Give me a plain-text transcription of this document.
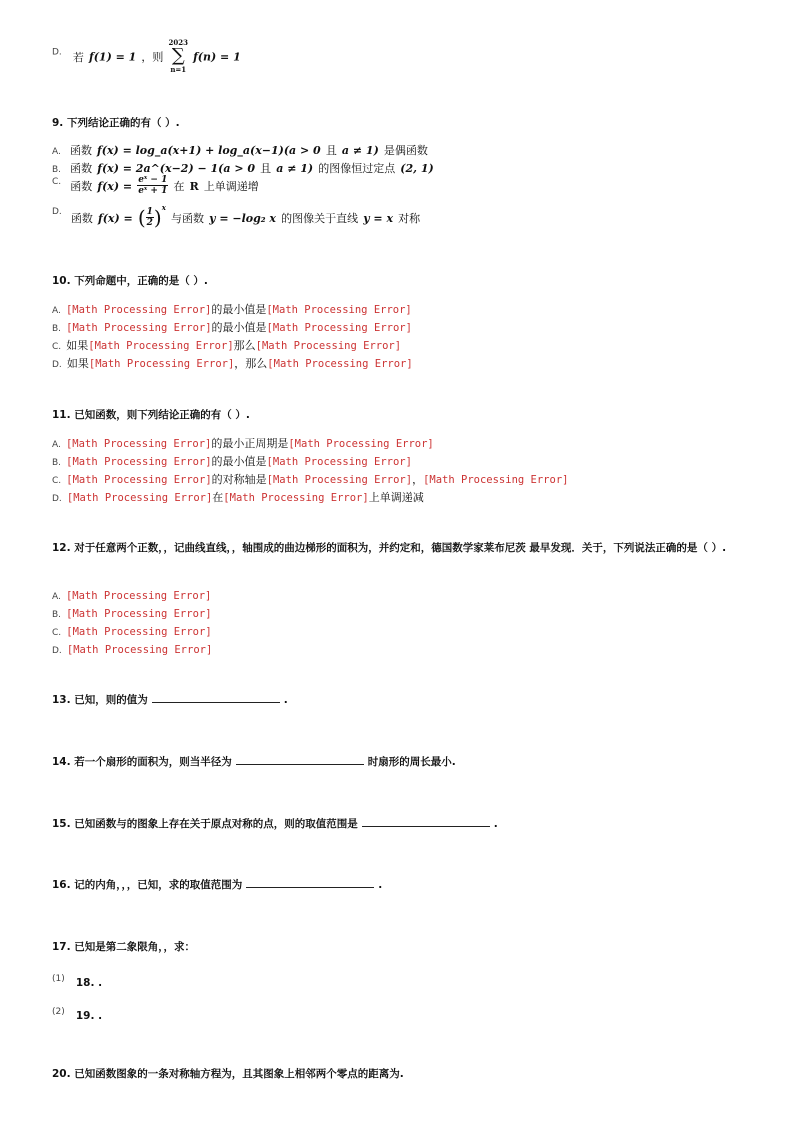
$^{D.}$ 若 f(1) = 1 ，则
2023
∑
n=1
f(n) = 1
9. 下列结论正确的有（ ）.
A. 函数 f(x) = log_a(x+1) + log_a(x−1)(a > 0 且 a ≠ 1) 是偶函数
B. 函数 f(x) = 2a^(x−2) − 1(a > 0 且 a ≠ 1) 的图像恒过定点 (2, 1)
$^{C.}$ 函数 $f(x) = \frac{\text{eˣ − 1}}{\text{eˣ + 1}}$ 在 R 上单调递增
$^{D.}$ 函数 f(x) = ( $\frac{1}{2} )^x$ 与函数 y = −log₂ x 的图像关于直线 y = x 对称
10. 下列命题中，正确的是（ ）.
A. [Math Processing Error]的最小值是[Math Processing Error]
B. [Math Processing Error]的最小值是[Math Processing Error]
C. 如果[Math Processing Error]那么[Math Processing Error]
D. 如果[Math Processing Error]，那么[Math Processing Error]
11. 已知函数，则下列结论正确的有（ ）.
A. [Math Processing Error]的最小正周期是[Math Processing Error]
B. [Math Processing Error]的最小值是[Math Processing Error]
C. [Math Processing Error]的对称轴是[Math Processing Error]，[Math Processing Error]
D. [Math Processing Error]在[Math Processing Error]上单调递减
12. 对于任意两个正数，，记曲线直线，，轴围成的曲边梯形的面积为，并约定和，德国数学家莱布尼茨 最早发现．关于，下列说法正确的是（ ）.
A. [Math Processing Error]
B. [Math Processing Error]
C. [Math Processing Error]
D. [Math Processing Error]
13. 已知，则的值为	.
14. 若一个扇形的面积为，则当半径为	时扇形的周长最小.
15. 已知函数与的图象上存在关于原点对称的点，则的取值范围是	.
16. 记的内角，，，已知，求的取值范围为	.
17. 已知是第二象限角，，求：
(1) $_{18. .}$
(2) $_{19. .}$
20. 已知函数图象的一条对称轴方程为，且其图象上相邻两个零点的距离为.
